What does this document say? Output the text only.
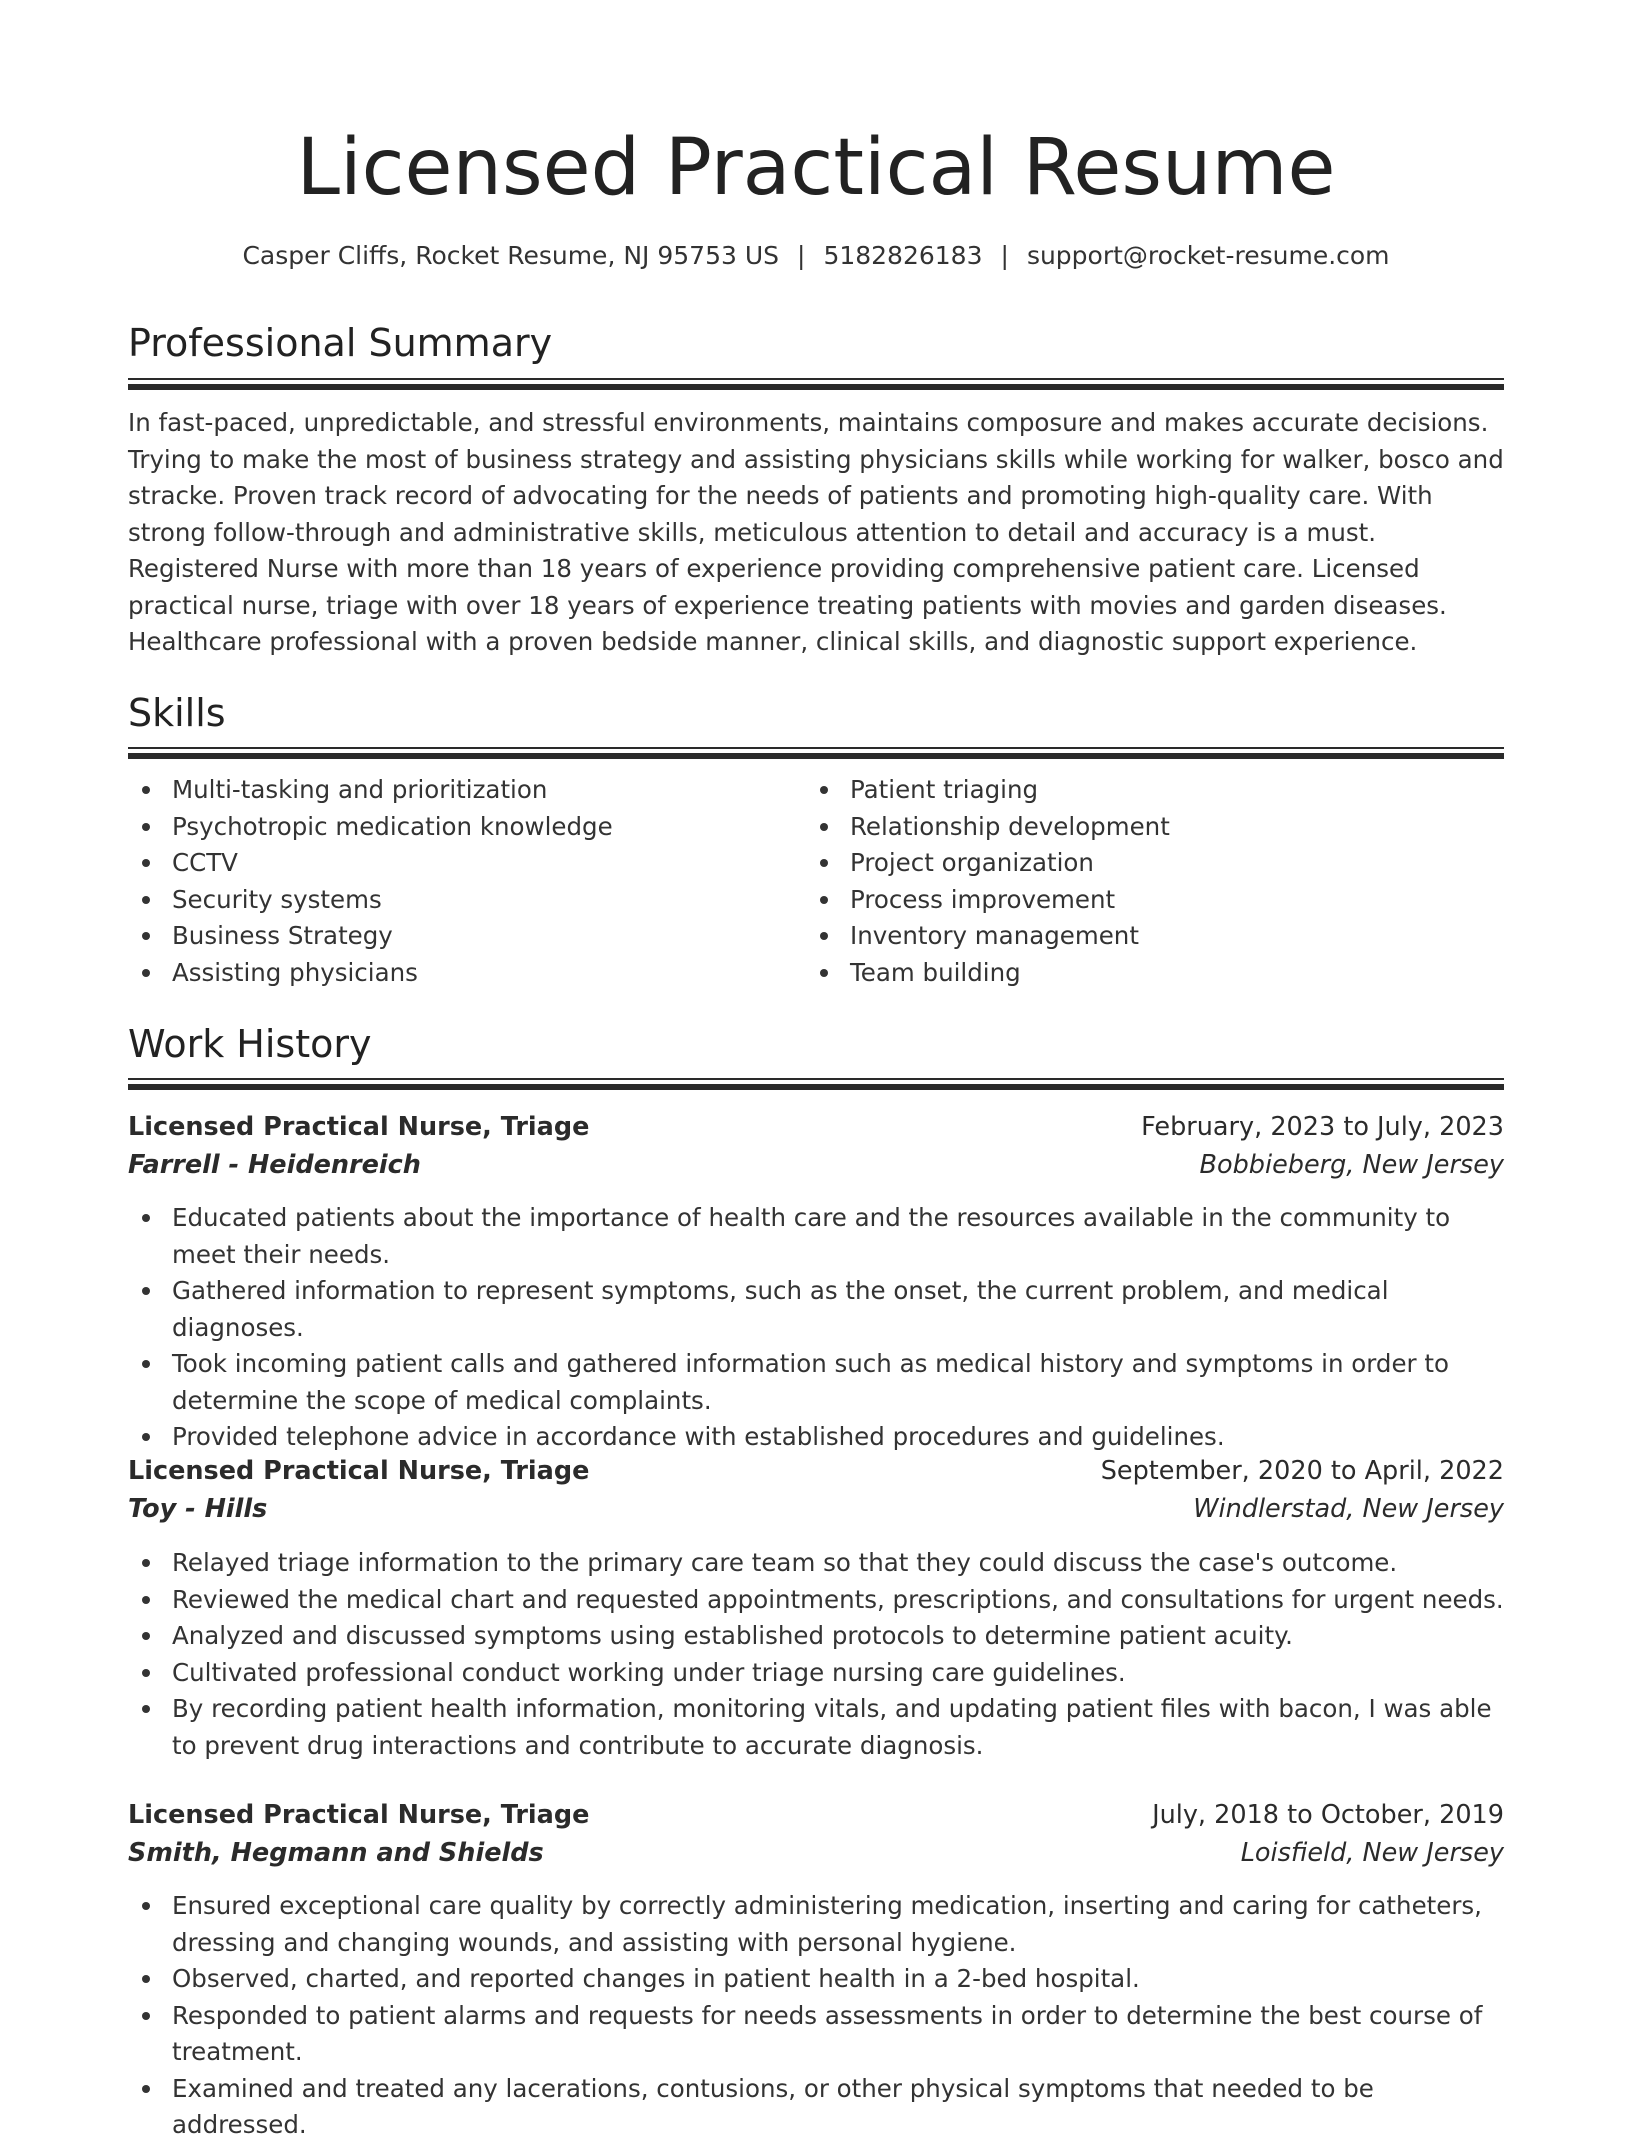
Licensed Practical Resume
Casper Cliffs, Rocket Resume, NJ 95753 US | 5182826183 | support@rocket-resume.com
Professional Summary

In fast-paced, unpredictable, and stressful environments, maintains composure and makes accurate decisions. Trying to make the most of business strategy and assisting physicians skills while working for walker, bosco and stracke. Proven track record of advocating for the needs of patients and promoting high-quality care. With strong follow-through and administrative skills, meticulous attention to detail and accuracy is a must. Registered Nurse with more than 18 years of experience providing comprehensive patient care. Licensed practical nurse, triage with over 18 years of experience treating patients with movies and garden diseases. Healthcare professional with a proven bedside manner, clinical skills, and diagnostic support experience.

Skills
Multi-tasking and prioritization
Psychotropic medication knowledge
CCTV
Security systems
Business Strategy
Assisting physicians
Patient triaging
Relationship development
Project organization
Process improvement
Inventory management
Team building
Work History
Licensed Practical Nurse, Triage	February, 2023 to July, 2023
Farrell - Heidenreich	Bobbieberg, New Jersey
Educated patients about the importance of health care and the resources available in the community to meet their needs.
Gathered information to represent symptoms, such as the onset, the current problem, and medical diagnoses.
Took incoming patient calls and gathered information such as medical history and symptoms in order to determine the scope of medical complaints.
Provided telephone advice in accordance with established procedures and guidelines.
Licensed Practical Nurse, Triage	September, 2020 to April, 2022
Toy - Hills	Windlerstad, New Jersey
Relayed triage information to the primary care team so that they could discuss the case's outcome.
Reviewed the medical chart and requested appointments, prescriptions, and consultations for urgent needs.
Analyzed and discussed symptoms using established protocols to determine patient acuity.
Cultivated professional conduct working under triage nursing care guidelines.
By recording patient health information, monitoring vitals, and updating patient files with bacon, I was able to prevent drug interactions and contribute to accurate diagnosis.
Licensed Practical Nurse, Triage	July, 2018 to October, 2019
Smith, Hegmann and Shields	Loisfield, New Jersey
Ensured exceptional care quality by correctly administering medication, inserting and caring for catheters, dressing and changing wounds, and assisting with personal hygiene.
Observed, charted, and reported changes in patient health in a 2-bed hospital.
Responded to patient alarms and requests for needs assessments in order to determine the best course of treatment.
Examined and treated any lacerations, contusions, or other physical symptoms that needed to be addressed.
